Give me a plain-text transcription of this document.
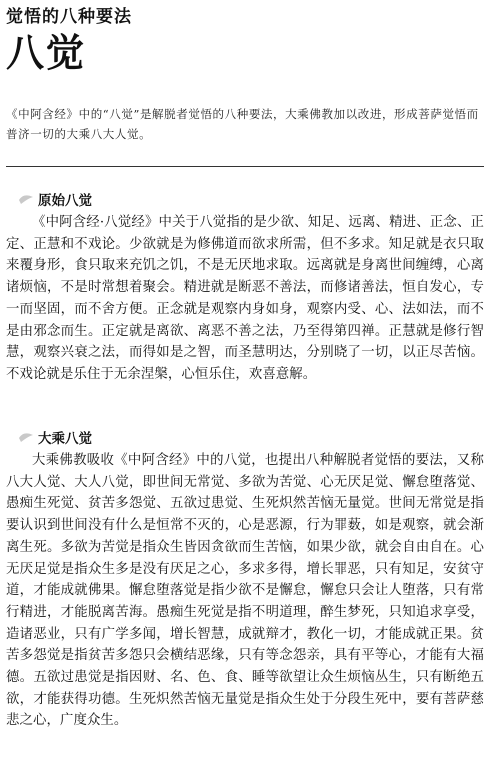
觉悟的八种要法
八觉
《中阿含经》中的“八觉”是解脱者觉悟的八种要法，大乘佛教加以改进，形成菩萨觉悟而普济一切的大乘八大人觉。
原始八觉
《中阿含经·八觉经》中关于八觉指的是少欲、知足、远离、精进、正念、正定、正慧和不戏论。少欲就是为修佛道而欲求所需，但不多求。知足就是衣只取来覆身形，食只取来充饥之饥，不是无厌地求取。远离就是身离世间缠缚，心离诸烦恼，不是时常想着聚会。精进就是断恶不善法，而修诸善法，恒自发心，专一而坚固，而不舍方便。正念就是观察内身如身，观察内受、心、法如法，而不是由邪念而生。正定就是离欲、离恶不善之法，乃至得第四禅。正慧就是修行智慧，观察兴衰之法，而得如是之智，而圣慧明达，分别晓了一切，以正尽苦恼。不戏论就是乐住于无余涅槃，心恒乐住，欢喜意解。
大乘八觉
大乘佛教吸收《中阿含经》中的八觉，也提出八种解脱者觉悟的要法，又称八大人觉、大人八觉，即世间无常觉、多欲为苦觉、心无厌足觉、懈怠堕落觉、愚痴生死觉、贫苦多怨觉、五欲过患觉、生死炽然苦恼无量觉。世间无常觉是指要认识到世间没有什么是恒常不灭的，心是恶源，行为罪薮，如是观察，就会渐离生死。多欲为苦觉是指众生皆因贪欲而生苦恼，如果少欲，就会自由自在。心无厌足觉是指众生多是没有厌足之心，多求多得，增长罪恶，只有知足，安贫守道，才能成就佛果。懈怠堕落觉是指少欲不是懈怠，懈怠只会让人堕落，只有常行精进，才能脱离苦海。愚痴生死觉是指不明道理，醉生梦死，只知追求享受，造诸恶业，只有广学多闻，增长智慧，成就辩才，教化一切，才能成就正果。贫苦多怨觉是指贫苦多怨只会横结恶缘，只有等念怨亲，具有平等心，才能有大福德。五欲过患觉是指因财、名、色、食、睡等欲望让众生烦恼丛生，只有断绝五欲，才能获得功德。生死炽然苦恼无量觉是指众生处于分段生死中，要有菩萨慈悲之心，广度众生。
